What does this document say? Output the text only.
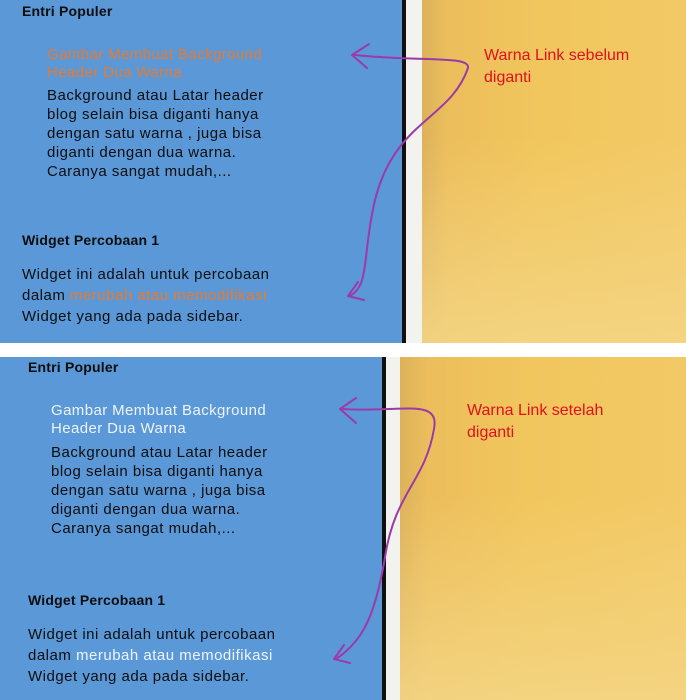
Entri Populer
Gambar Membuat Background
Header Dua Warna

Background atau Latar header
blog selain bisa diganti hanya
dengan satu warna , juga bisa
diganti dengan dua warna.
Caranya sangat mudah,...

Widget Percobaan 1

Widget ini adalah untuk percobaan
dalam merubah atau memodifikasi
Widget yang ada pada sidebar.

Warna Link sebelum
diganti
Entri Populer
Gambar Membuat Background
Header Dua Warna

Background atau Latar header
blog selain bisa diganti hanya
dengan satu warna , juga bisa
diganti dengan dua warna.
Caranya sangat mudah,...

Widget Percobaan 1

Widget ini adalah untuk percobaan
dalam merubah atau memodifikasi
Widget yang ada pada sidebar.

Warna Link setelah
diganti
